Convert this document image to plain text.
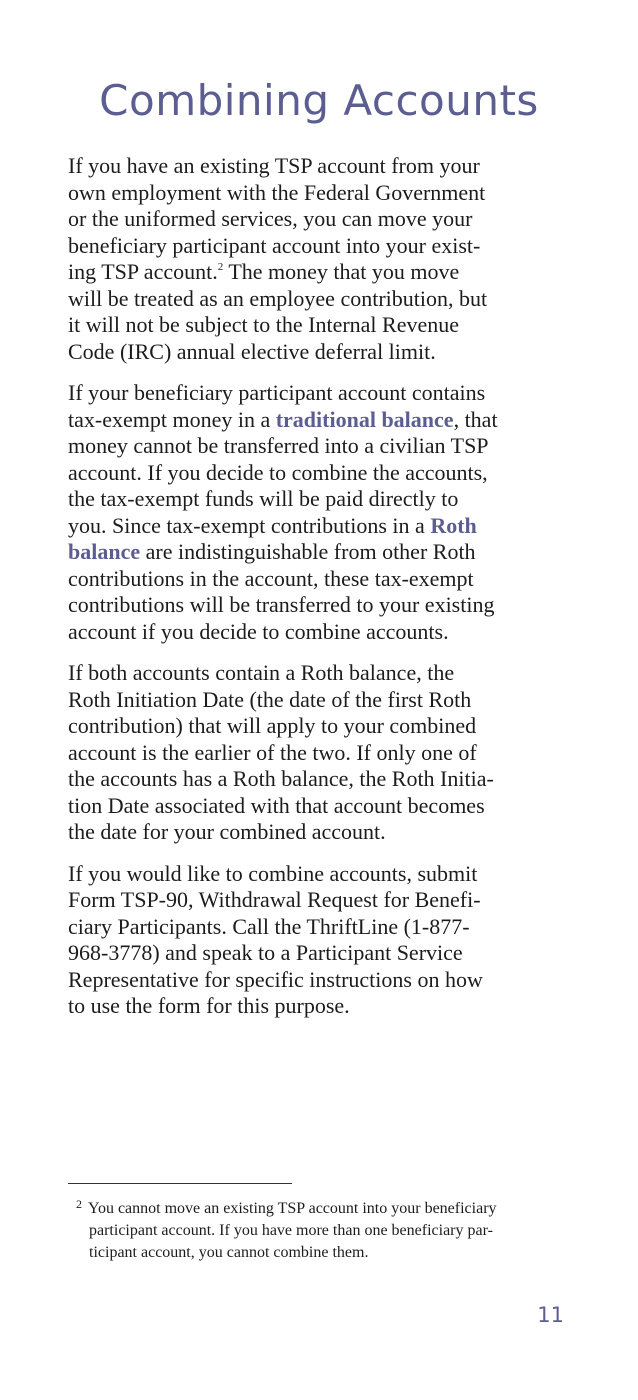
Combining Accounts

If you have an existing TSP account from your
own employment with the Federal Government
or the uniformed services, you can move your
beneficiary participant account into your exist-
ing TSP account.$^2$ The money that you move
will be treated as an employee contribution, but
it will not be subject to the Internal Revenue
Code (IRC) annual elective deferral limit.

If your beneficiary participant account contains
tax-exempt money in a traditional balance, that
money cannot be transferred into a civilian TSP
account. If you decide to combine the accounts,
the tax-exempt funds will be paid directly to
you. Since tax-exempt contributions in a Roth
balance are indistinguishable from other Roth
contributions in the account, these tax-exempt
contributions will be transferred to your existing
account if you decide to combine accounts.

If both accounts contain a Roth balance, the
Roth Initiation Date (the date of the first Roth
contribution) that will apply to your combined
account is the earlier of the two. If only one of
the accounts has a Roth balance, the Roth Initia-
tion Date associated with that account becomes
the date for your combined account.

If you would like to combine accounts, submit
Form TSP-90, Withdrawal Request for Benefi-
ciary Participants. Call the ThriftLine (1-877-
968-3778) and speak to a Participant Service
Representative for specific instructions on how
to use the form for this purpose.

$^2$ You cannot move an existing TSP account into your beneficiary
participant account. If you have more than one beneficiary par-
ticipant account, you cannot combine them.
11
